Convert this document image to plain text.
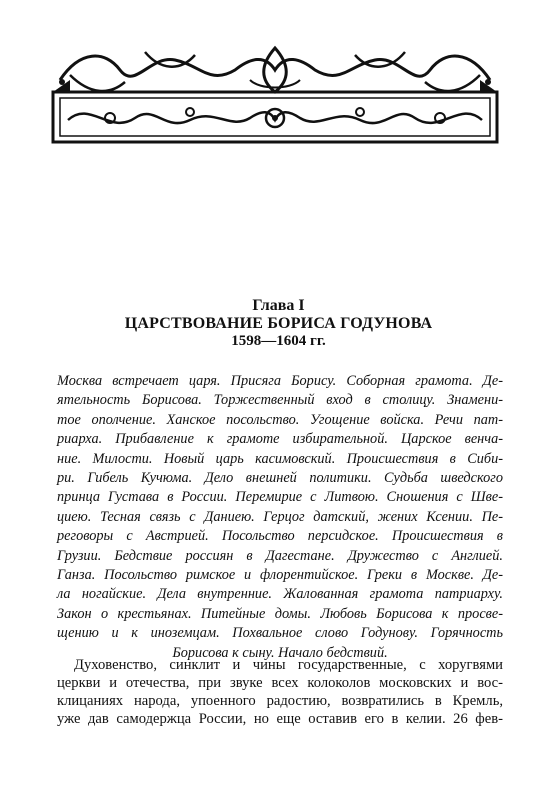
Глава I
ЦАРСТВОВАНИЕ БОРИСА ГОДУНОВА
1598—1604 гг.
Москва встречает царя. Присяга Борису. Соборная грамота. Де-
ятельность Борисова. Торжественный вход в столицу. Знамени-
тое ополчение. Ханское посольство. Угощение войска. Речи пат-
риарха. Прибавление к грамоте избирательной. Царское венча-
ние. Милости. Новый царь касимовский. Происшествия в Сиби-
ри. Гибель Кучюма. Дело внешней политики. Судьба шведского
принца Густава в России. Перемирие с Литвою. Сношения с Шве-
циею. Тесная связь с Даниею. Герцог датский, жених Ксении. Пе-
реговоры с Австрией. Посольство персидское. Происшествия в
Грузии. Бедствие россиян в Дагестане. Дружество с Англией.
Ганза. Посольство римское и флорентийское. Греки в Москве. Де-
ла ногайские. Дела внутренние. Жалованная грамота патриарху.
Закон о крестьянах. Питейные домы. Любовь Борисова к просве-
щению и к иноземцам. Похвальное слово Годунову. Горячность
Борисова к сыну. Начало бедствий.
Духовенство, синклит и чины государственные, с хоругвями
церкви и отечества, при звуке всех колоколов московских и вос-
клицаниях народа, упоенного радостию, возвратились в Кремль,
уже дав самодержца России, но еще оставив его в келии. 26 фев-
